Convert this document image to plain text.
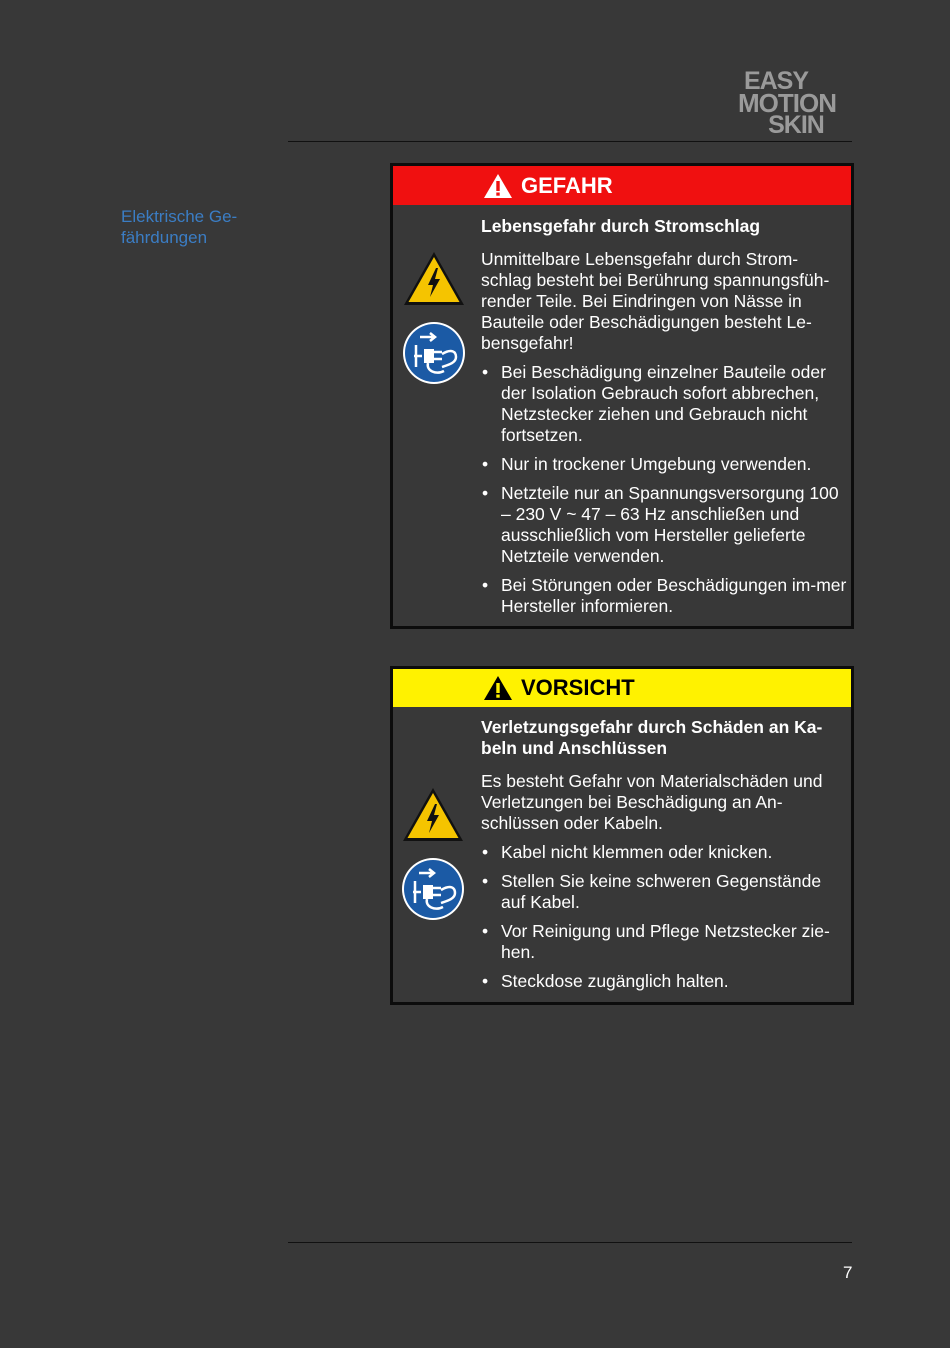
EASY
MOTION
SKIN
Elektrische Ge-
fährdungen
GEFAHR
Lebensgefahr durch Stromschlag
Unmittelbare Lebensgefahr durch Strom-schlag besteht bei Berührung spannungsfüh-render Teile. Bei Eindringen von Nässe in Bauteile oder Beschädigungen besteht Le-bensgefahr!
• Bei Beschädigung einzelner Bauteile oder der Isolation Gebrauch sofort abbrechen, Netzstecker ziehen und Gebrauch nicht fortsetzen.
• Nur in trockener Umgebung verwenden.
• Netzteile nur an Spannungsversorgung 100 – 230 V ~ 47 – 63 Hz anschließen und ausschließlich vom Hersteller gelieferte Netzteile verwenden.
• Bei Störungen oder Beschädigungen im-mer Hersteller informieren.
VORSICHT
Verletzungsgefahr durch Schäden an Ka-beln und Anschlüssen
Es besteht Gefahr von Materialschäden und Verletzungen bei Beschädigung an An-schlüssen oder Kabeln.
• Kabel nicht klemmen oder knicken.
• Stellen Sie keine schweren Gegenstände auf Kabel.
• Vor Reinigung und Pflege Netzstecker zie-hen.
• Steckdose zugänglich halten.
7
